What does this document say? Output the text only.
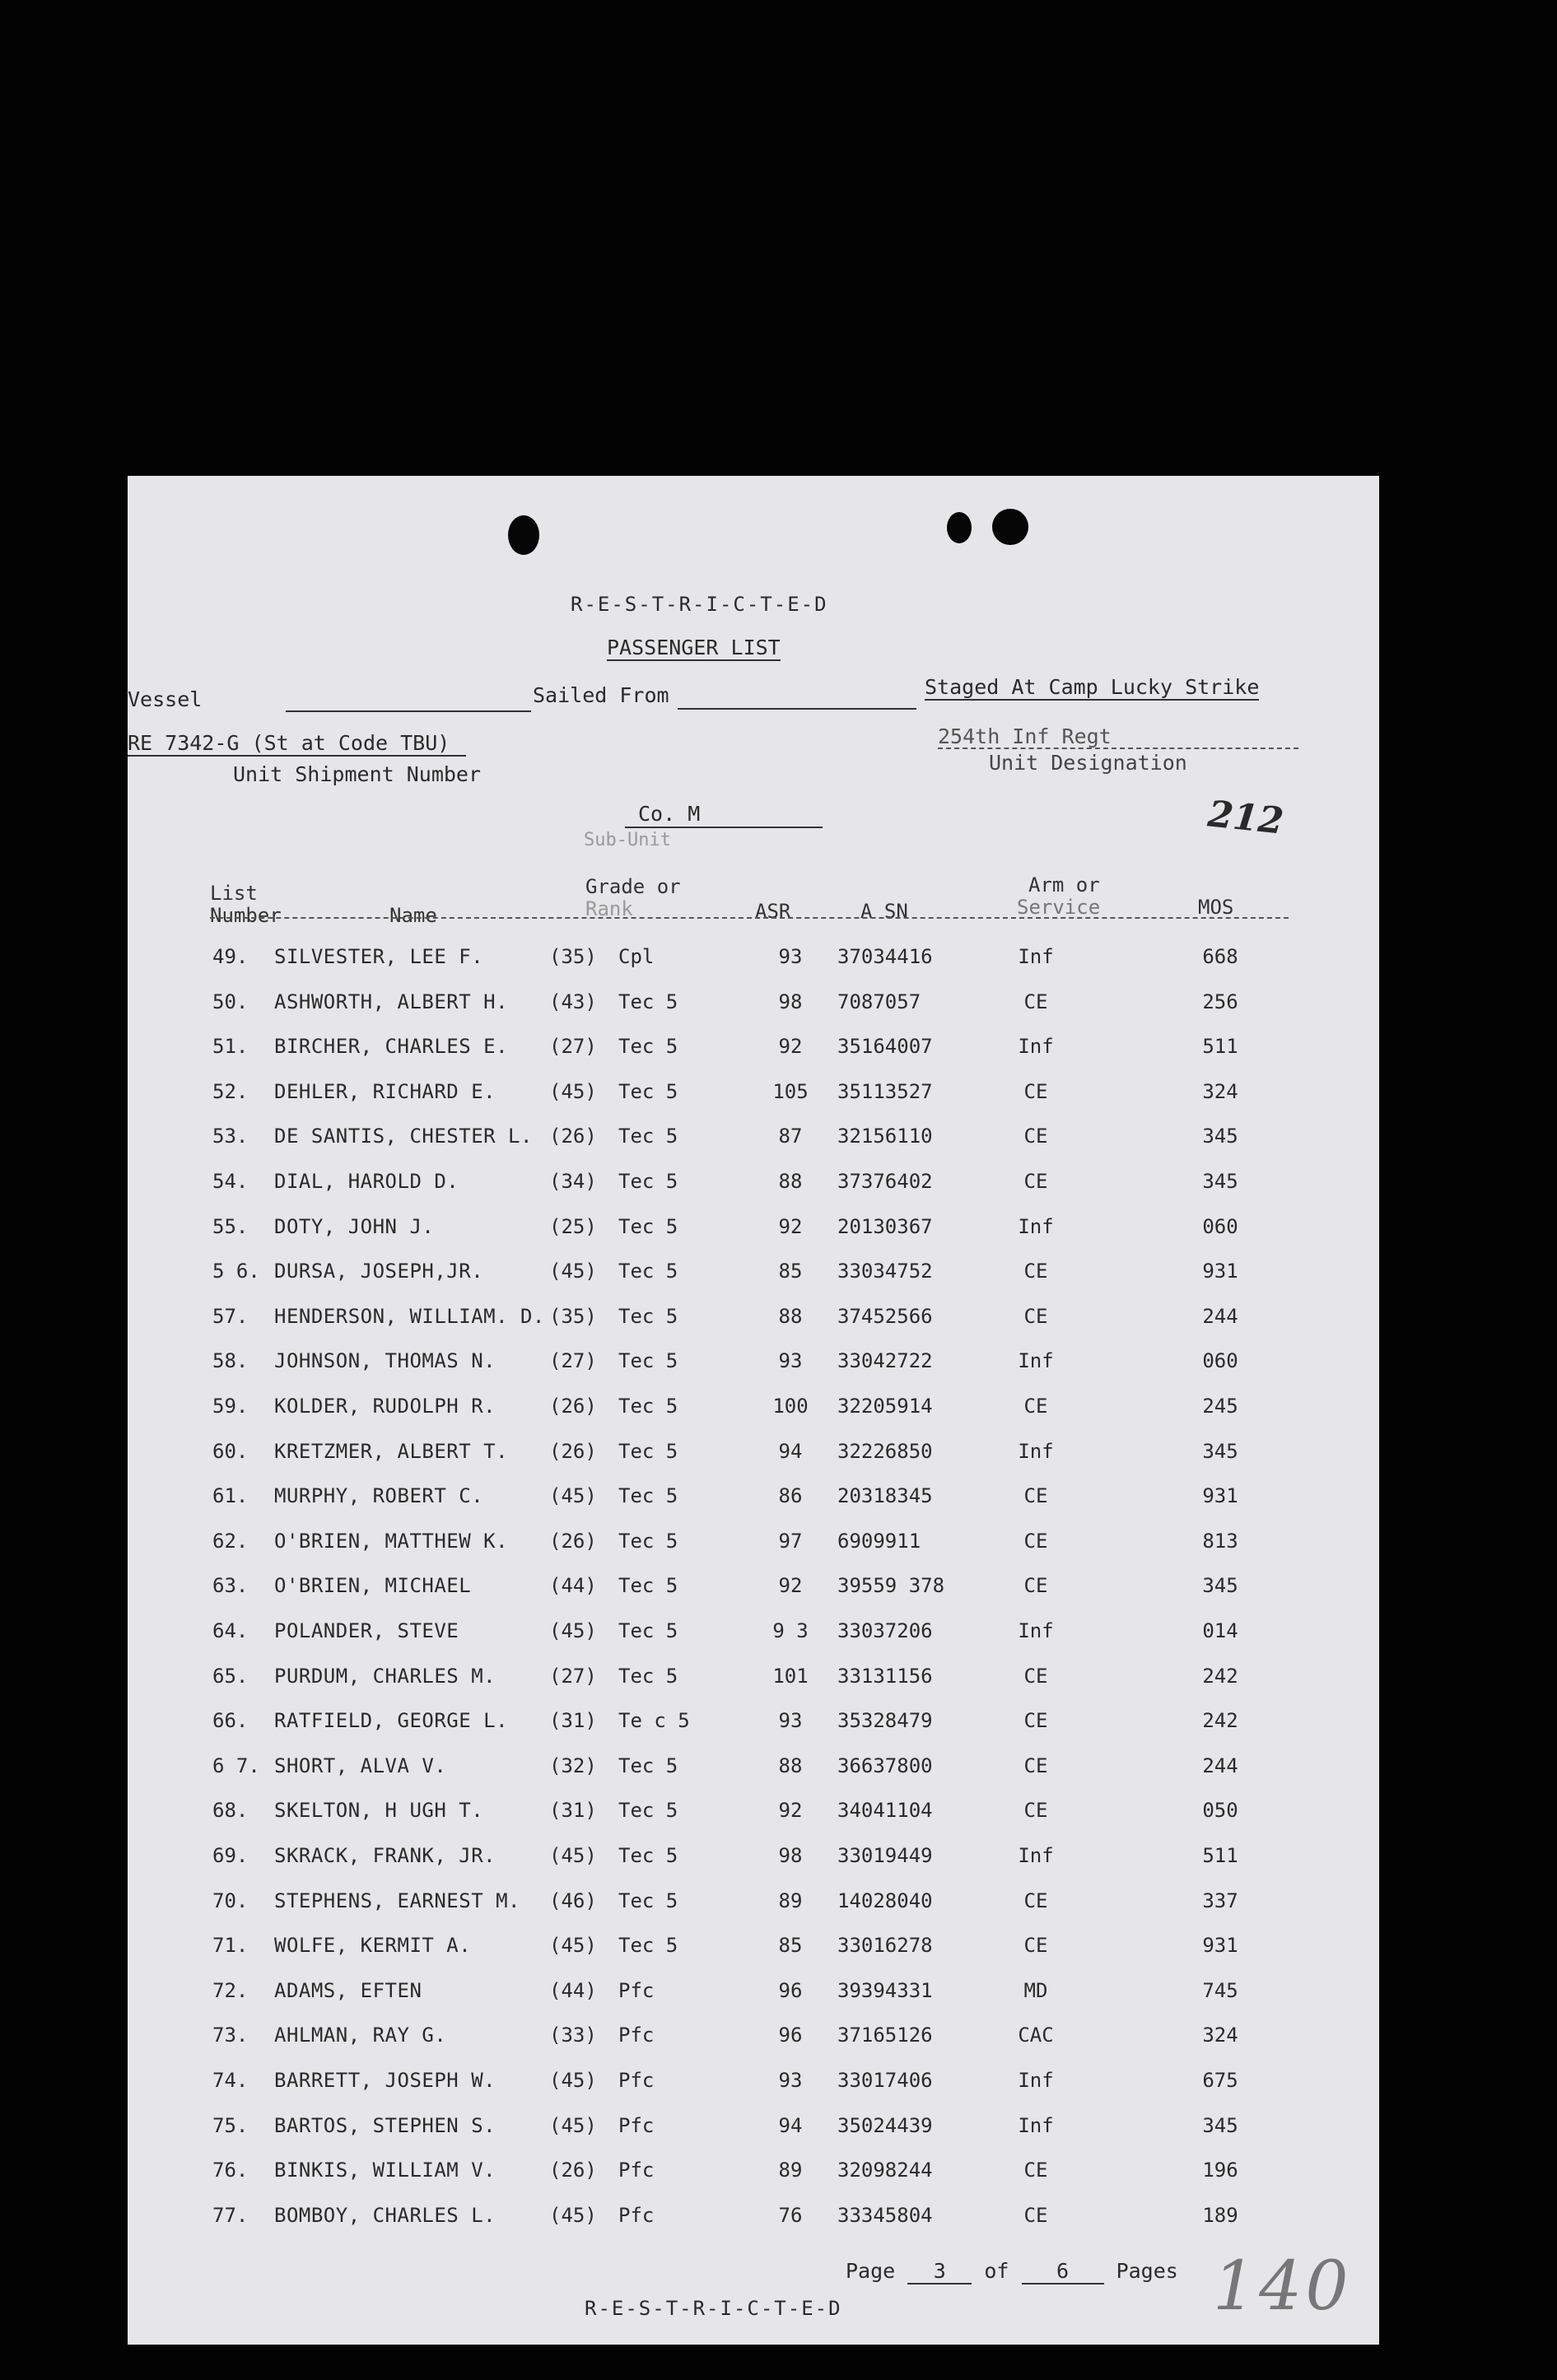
R-E-S-T-R-I-C-T-E-D
PASSENGER LIST
Vessel	Sailed From	Staged At Camp Lucky Strike
RE 7342-G (St at Code TBU)
Unit Shipment Number
254th Inf Regt
Unit Designation
Co. M
Sub-Unit	212
List
Number	Name
Grade or
Rank	ASR	A SN
Arm or
Service	MOS
49. SILVESTER, LEE F.	(35) Cpl	93	37034416	Inf	668
50. ASHWORTH, ALBERT H. (43) Tec 5	98	7087057	CE	256
51. BIRCHER, CHARLES E. (27) Tec 5	92	35164007	Inf	511
52. DEHLER, RICHARD E.	(45) Tec 5	105	35113527	CE	324
53. DE SANTIS, CHESTER L. (26) Tec 5	87	32156110	CE	345
54. DIAL, HAROLD D.	(34) Tec 5	88	37376402	CE	345
55. DOTY, JOHN J.	(25) Tec 5	92	20130367	Inf	060
5 6. DURSA, JOSEPH,JR.	(45) Tec 5	85	33034752	CE	931
57. HENDERSON, WILLIAM. D. (35) Tec 5	88	37452566	CE	244
58. JOHNSON, THOMAS N.	(27) Tec 5	93	33042722	Inf	060
59. KOLDER, RUDOLPH R.	(26) Tec 5	100	32205914	CE	245
60. KRETZMER, ALBERT T. (26) Tec 5	94	32226850	Inf	345
61. MURPHY, ROBERT C.	(45) Tec 5	86	20318345	CE	931
62. O'BRIEN, MATTHEW K. (26) Tec 5	97	6909911	CE	813
63. O'BRIEN, MICHAEL	(44) Tec 5	92	39559 378	CE	345
64. POLANDER, STEVE	(45) Tec 5	9 3	33037206	Inf	014
65. PURDUM, CHARLES M.	(27) Tec 5	101	33131156	CE	242
66. RATFIELD, GEORGE L. (31) Te c 5	93	35328479	CE	242
6 7. SHORT, ALVA V.	(32) Tec 5	88	36637800	CE	244
68. SKELTON, H UGH T.	(31) Tec 5	92	34041104	CE	050
69. SKRACK, FRANK, JR.	(45) Tec 5	98	33019449	Inf	511
70. STEPHENS, EARNEST M. (46) Tec 5	89	14028040	CE	337
71. WOLFE, KERMIT A.	(45) Tec 5	85	33016278	CE	931
72. ADAMS, EFTEN	(44) Pfc	96	39394331	MD	745
73. AHLMAN, RAY G.	(33) Pfc	96	37165126	CAC	324
74. BARRETT, JOSEPH W.	(45) Pfc	93	33017406	Inf	675
75. BARTOS, STEPHEN S.	(45) Pfc	94	35024439	Inf	345
76. BINKIS, WILLIAM V.	(26) Pfc	89	32098244	CE	196
77. BOMBOY, CHARLES L.	(45) Pfc	76	33345804	CE	189
Page 3 of 6 Pages
R-E-S-T-R-I-C-T-E-D	140
